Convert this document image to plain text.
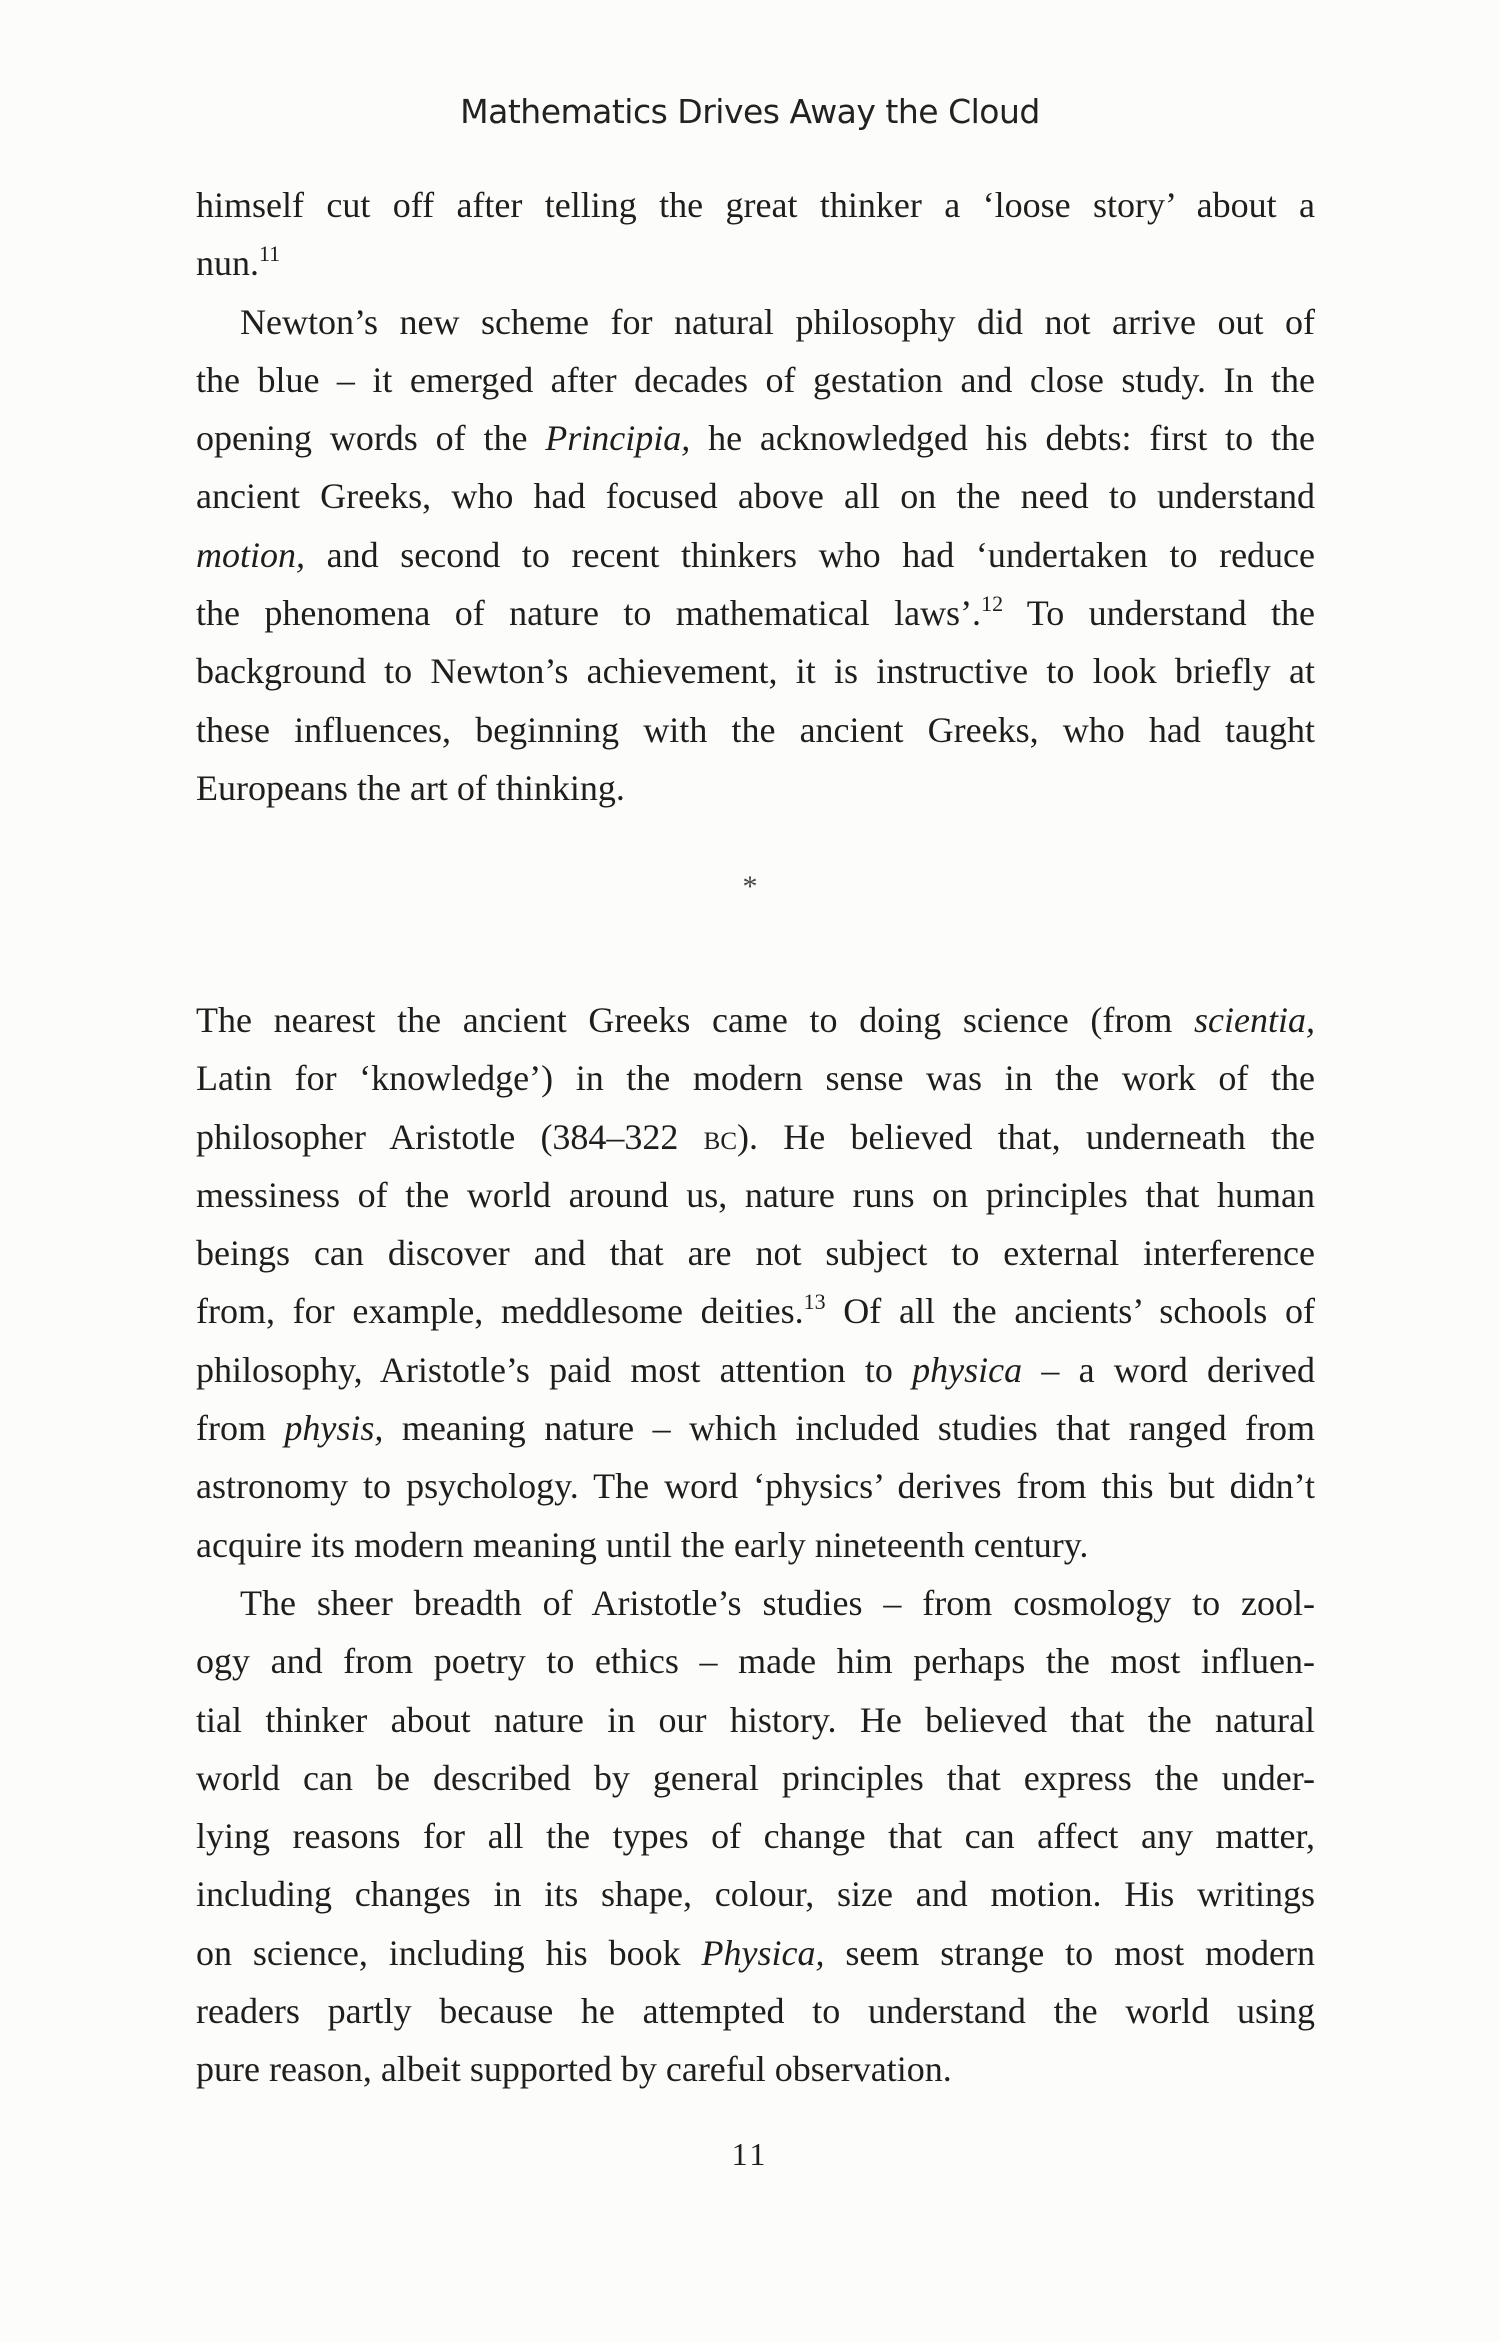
Mathematics Drives Away the Cloud
himself cut off after telling the great thinker a ‘loose story’ about a
nun.$^{11}$
Newton’s new scheme for natural philosophy did not arrive out of
the blue – it emerged after decades of gestation and close study. In the
opening words of the Principia, he acknowledged his debts: first to the
ancient Greeks, who had focused above all on the need to understand
motion, and second to recent thinkers who had ‘undertaken to reduce
the phenomena of nature to mathematical laws’.$^{12}$ To understand the
background to Newton’s achievement, it is instructive to look briefly at
these influences, beginning with the ancient Greeks, who had taught
Europeans the art of thinking.
*
The nearest the ancient Greeks came to doing science (from scientia,
Latin for ‘knowledge’) in the modern sense was in the work of the
philosopher Aristotle (384–322 bc). He believed that, underneath the
messiness of the world around us, nature runs on principles that human
beings can discover and that are not subject to external interference
from, for example, meddlesome deities.$^{13}$ Of all the ancients’ schools of
philosophy, Aristotle’s paid most attention to physica – a word derived
from physis, meaning nature – which included studies that ranged from
astronomy to psychology. The word ‘physics’ derives from this but didn’t
acquire its modern meaning until the early nineteenth century.
The sheer breadth of Aristotle’s studies – from cosmology to zool-
ogy and from poetry to ethics – made him perhaps the most influen-
tial thinker about nature in our history. He believed that the natural
world can be described by general principles that express the under-
lying reasons for all the types of change that can affect any matter,
including changes in its shape, colour, size and motion. His writings
on science, including his book Physica, seem strange to most modern
readers partly because he attempted to understand the world using
pure reason, albeit supported by careful observation.
11
